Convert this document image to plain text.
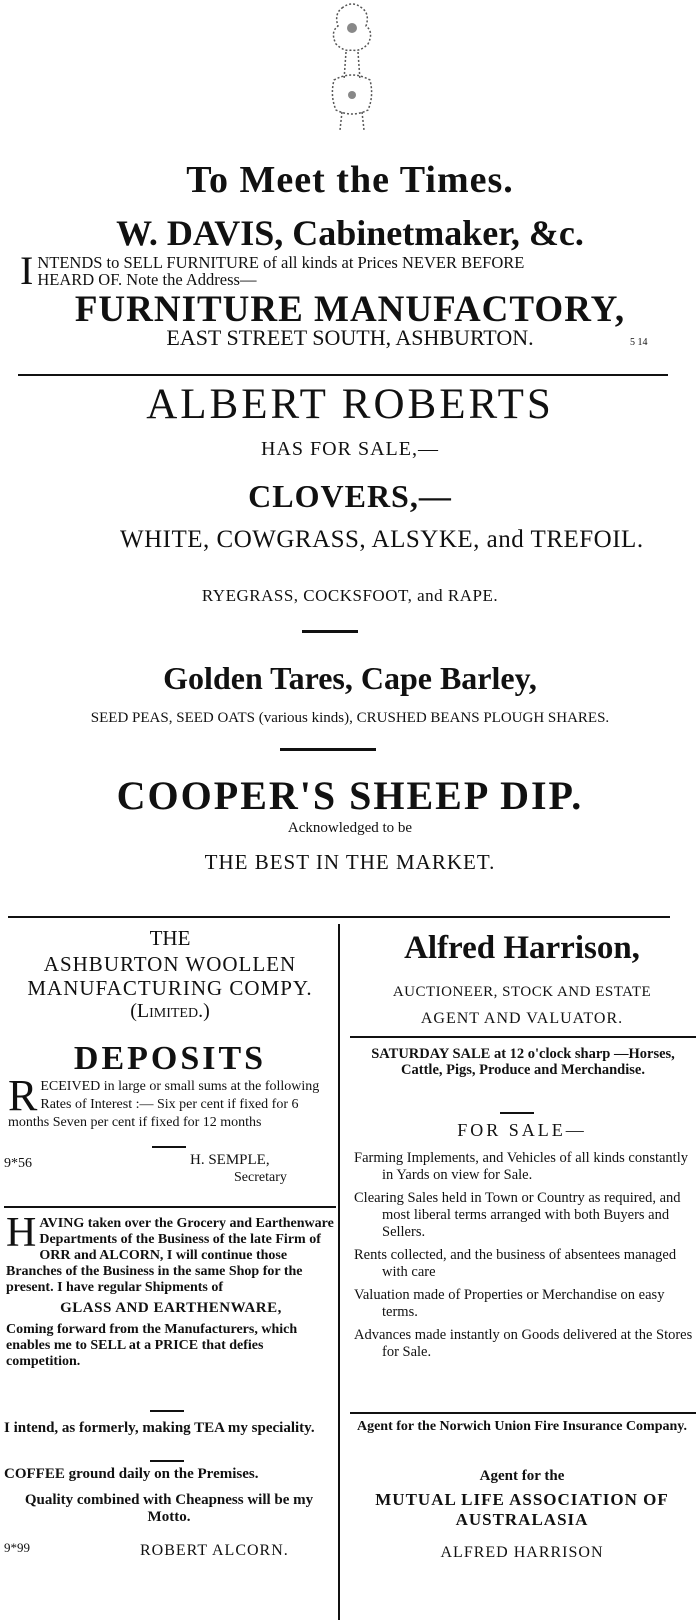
To Meet the Times.
W. DAVIS, Cabinetmaker, &c.
I NTENDS to SELL FURNITURE of all kinds at Prices NEVER BEFORE
HEARD OF. Note the Address—
FURNITURE MANUFACTORY,
EAST STREET SOUTH, ASHBURTON.	5 14
ALBERT ROBERTS
HAS FOR SALE,—
CLOVERS,—
WHITE, COWGRASS, ALSYKE, and TREFOIL.
RYEGRASS, COCKSFOOT, and RAPE.
Golden Tares, Cape Barley,
SEED PEAS, SEED OATS (various kinds), CRUSHED BEANS PLOUGH SHARES.
COOPER'S SHEEP DIP.
Acknowledged to be
THE BEST IN THE MARKET.
THE
ASHBURTON WOOLLEN
MANUFACTURING COMPY.
(Limited.)
DEPOSITS
R ECEIVED in large or small sums at the following Rates of Interest :— Six per cent if fixed for 6 months Seven per cent if fixed for 12 months
9*56	H. SEMPLE,
Secretary
H AVING taken over the Grocery and Earthenware Departments of the Business of the late Firm of ORR and ALCORN, I will continue those Branches of the Business in the same Shop for the present. I have regular Shipments of
GLASS AND EARTHENWARE,
Coming forward from the Manufacturers, which enables me to SELL at a PRICE that defies competition.
I intend, as formerly, making TEA my speciality.
COFFEE ground daily on the Premises.
Quality combined with Cheapness will be my Motto.
9*99	ROBERT ALCORN.
Alfred Harrison,
AUCTIONEER, STOCK AND ESTATE
AGENT AND VALUATOR.
SATURDAY SALE at 12 o'clock sharp —Horses, Cattle, Pigs, Produce and Merchandise.
FOR SALE—

Farming Implements, and Vehicles of all kinds constantly in Yards on view for Sale.

Clearing Sales held in Town or Country as required, and most liberal terms arranged with both Buyers and Sellers.

Rents collected, and the business of absentees managed with care

Valuation made of Properties or Merchandise on easy terms.

Advances made instantly on Goods delivered at the Stores for Sale.

Agent for the Norwich Union Fire Insurance Company.
Agent for the
MUTUAL LIFE ASSOCIATION OF AUSTRALASIA
ALFRED HARRISON
